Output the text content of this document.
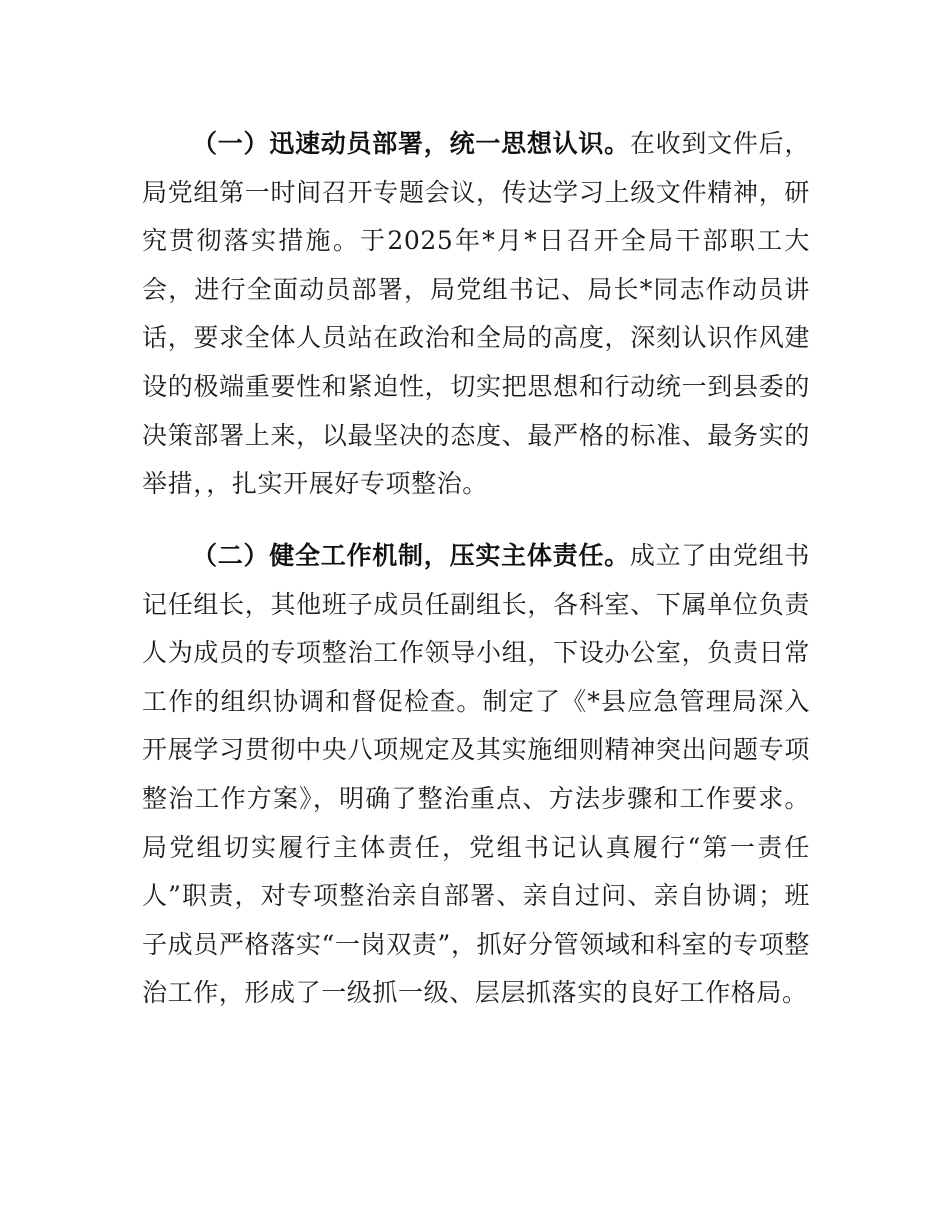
（一）迅速动员部署，统一思想认识。在收到文件后，局党组第一时间召开专题会议，传达学习上级文件精神，研究贯彻落实措施。于2025年*月*日召开全局干部职工大会，进行全面动员部署，局党组书记、局长*同志作动员讲话，要求全体人员站在政治和全局的高度，深刻认识作风建设的极端重要性和紧迫性，切实把思想和行动统一到县委的决策部署上来，以最坚决的态度、最严格的标准、最务实的举措，，扎实开展好专项整治。

（二）健全工作机制，压实主体责任。成立了由党组书记任组长，其他班子成员任副组长，各科室、下属单位负责人为成员的专项整治工作领导小组，下设办公室，负责日常工作的组织协调和督促检查。制定了《*县应急管理局深入开展学习贯彻中央八项规定及其实施细则精神突出问题专项整治工作方案》，明确了整治重点、方法步骤和工作要求。局党组切实履行主体责任，党组书记认真履行“第一责任人”职责，对专项整治亲自部署、亲自过问、亲自协调；班子成员严格落实“一岗双责”，抓好分管领域和科室的专项整治工作，形成了一级抓一级、层层抓落实的良好工作格局。
